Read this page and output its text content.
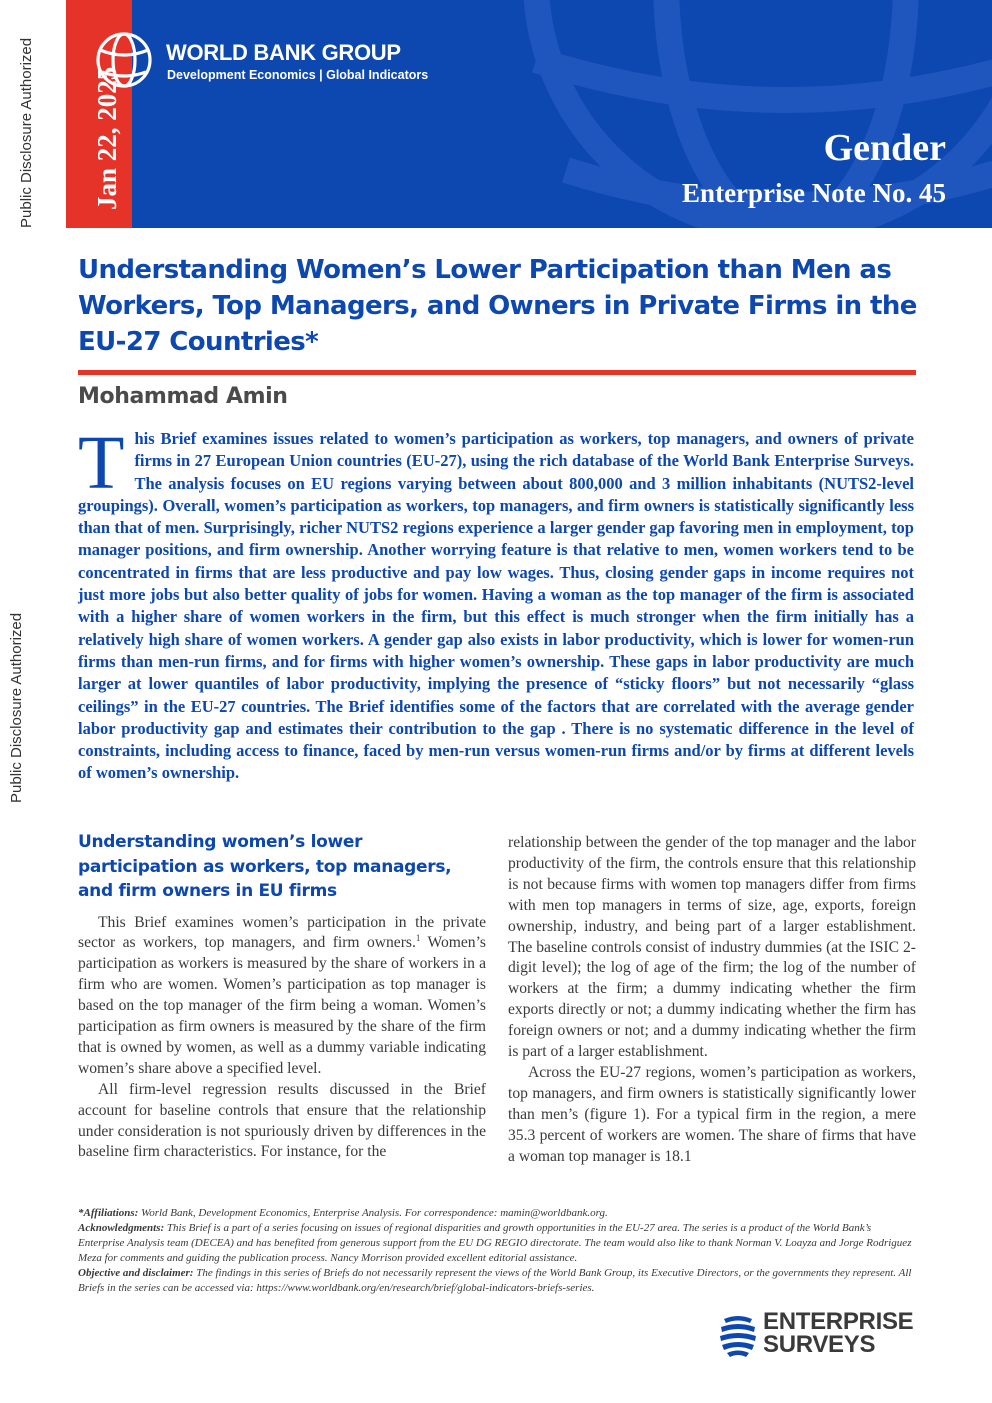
Public Disclosure Authorized
Jan 22, 2025
Public Disclosure Authorized	WORLD BANK GROUP
Development Economics | Global Indicators
Gender
Enterprise Note No. 45
Understanding Women’s Lower Participation than Men as Workers, Top Managers, and Owners in Private Firms in the EU-27 Countries*
Mohammad Amin
This Brief examines issues related to women’s participation as workers, top managers, and owners of private firms in 27 European Union countries (EU-27), using the rich database of the World Bank Enterprise Surveys. The analysis focuses on EU regions varying between about 800,000 and 3 million inhabitants (NUTS2-level groupings). Overall, women’s participation as workers, top managers, and firm owners is statistically significantly less than that of men. Surprisingly, richer NUTS2 regions experience a larger gender gap favoring men in employment, top manager positions, and firm ownership. Another worrying feature is that relative to men, women workers tend to be concentrated in firms that are less productive and pay low wages. Thus, closing gender gaps in income requires not just more jobs but also better quality of jobs for women. Having a woman as the top manager of the firm is associated with a higher share of women workers in the firm, but this effect is much stronger when the firm initially has a relatively high share of women workers. A gender gap also exists in labor productivity, which is lower for women-run firms than men-run firms, and for firms with higher women’s ownership. These gaps in labor productivity are much larger at lower quantiles of labor productivity, implying the presence of “sticky floors” but not necessarily “glass ceilings” in the EU-27 countries. The Brief identifies some of the factors that are correlated with the average gender labor productivity gap and estimates their contribution to the gap . There is no systematic difference in the level of constraints, including access to finance, faced by men-run versus women-run firms and/or by firms at different levels of women’s ownership.
Understanding women’s lower participation as workers, top managers, and firm owners in EU firms

This Brief examines women’s participation in the private sector as workers, top managers, and firm owners.$^1$ Women’s participation as workers is measured by the share of workers in a firm who are women. Women’s participation as top manager is based on the top manager of the firm being a woman. Women’s participation as firm owners is measured by the share of the firm that is owned by women, as well as a dummy variable indicating women’s share above a specified level.

All firm-level regression results discussed in the Brief account for baseline controls that ensure that the relationship under consideration is not spuriously driven by differences in the baseline firm characteristics. For instance, for the

relationship between the gender of the top manager and the labor productivity of the firm, the controls ensure that this relationship is not because firms with women top managers differ from firms with men top managers in terms of size, age, exports, foreign ownership, industry, and being part of a larger establishment. The baseline controls consist of industry dummies (at the ISIC 2-digit level); the log of age of the firm; the log of the number of workers at the firm; a dummy indicating whether the firm exports directly or not; a dummy indicating whether the firm has foreign owners or not; and a dummy indicating whether the firm is part of a larger establishment.

Across the EU-27 regions, women’s participation as workers, top managers, and firm owners is statistically significantly lower than men’s (figure 1). For a typical firm in the region, a mere 35.3 percent of workers are women. The share of firms that have a woman top manager is 18.1

*Affiliations: World Bank, Development Economics, Enterprise Analysis. For correspondence: mamin@worldbank.org.
Acknowledgments: This Brief is a part of a series focusing on issues of regional disparities and growth opportunities in the EU-27 area. The series is a product of the World Bank’s Enterprise Analysis team (DECEA) and has benefited from generous support from the EU DG REGIO directorate. The team would also like to thank Norman V. Loayza and Jorge Rodriguez Meza for comments and guiding the publication process. Nancy Morrison provided excellent editorial assistance.
Objective and disclaimer: The findings in this series of Briefs do not necessarily represent the views of the World Bank Group, its Executive Directors, or the governments they represent. All Briefs in the series can be accessed via: https://www.worldbank.org/en/research/brief/global-indicators-briefs-series.
ENTERPRISE
SURVEYS
